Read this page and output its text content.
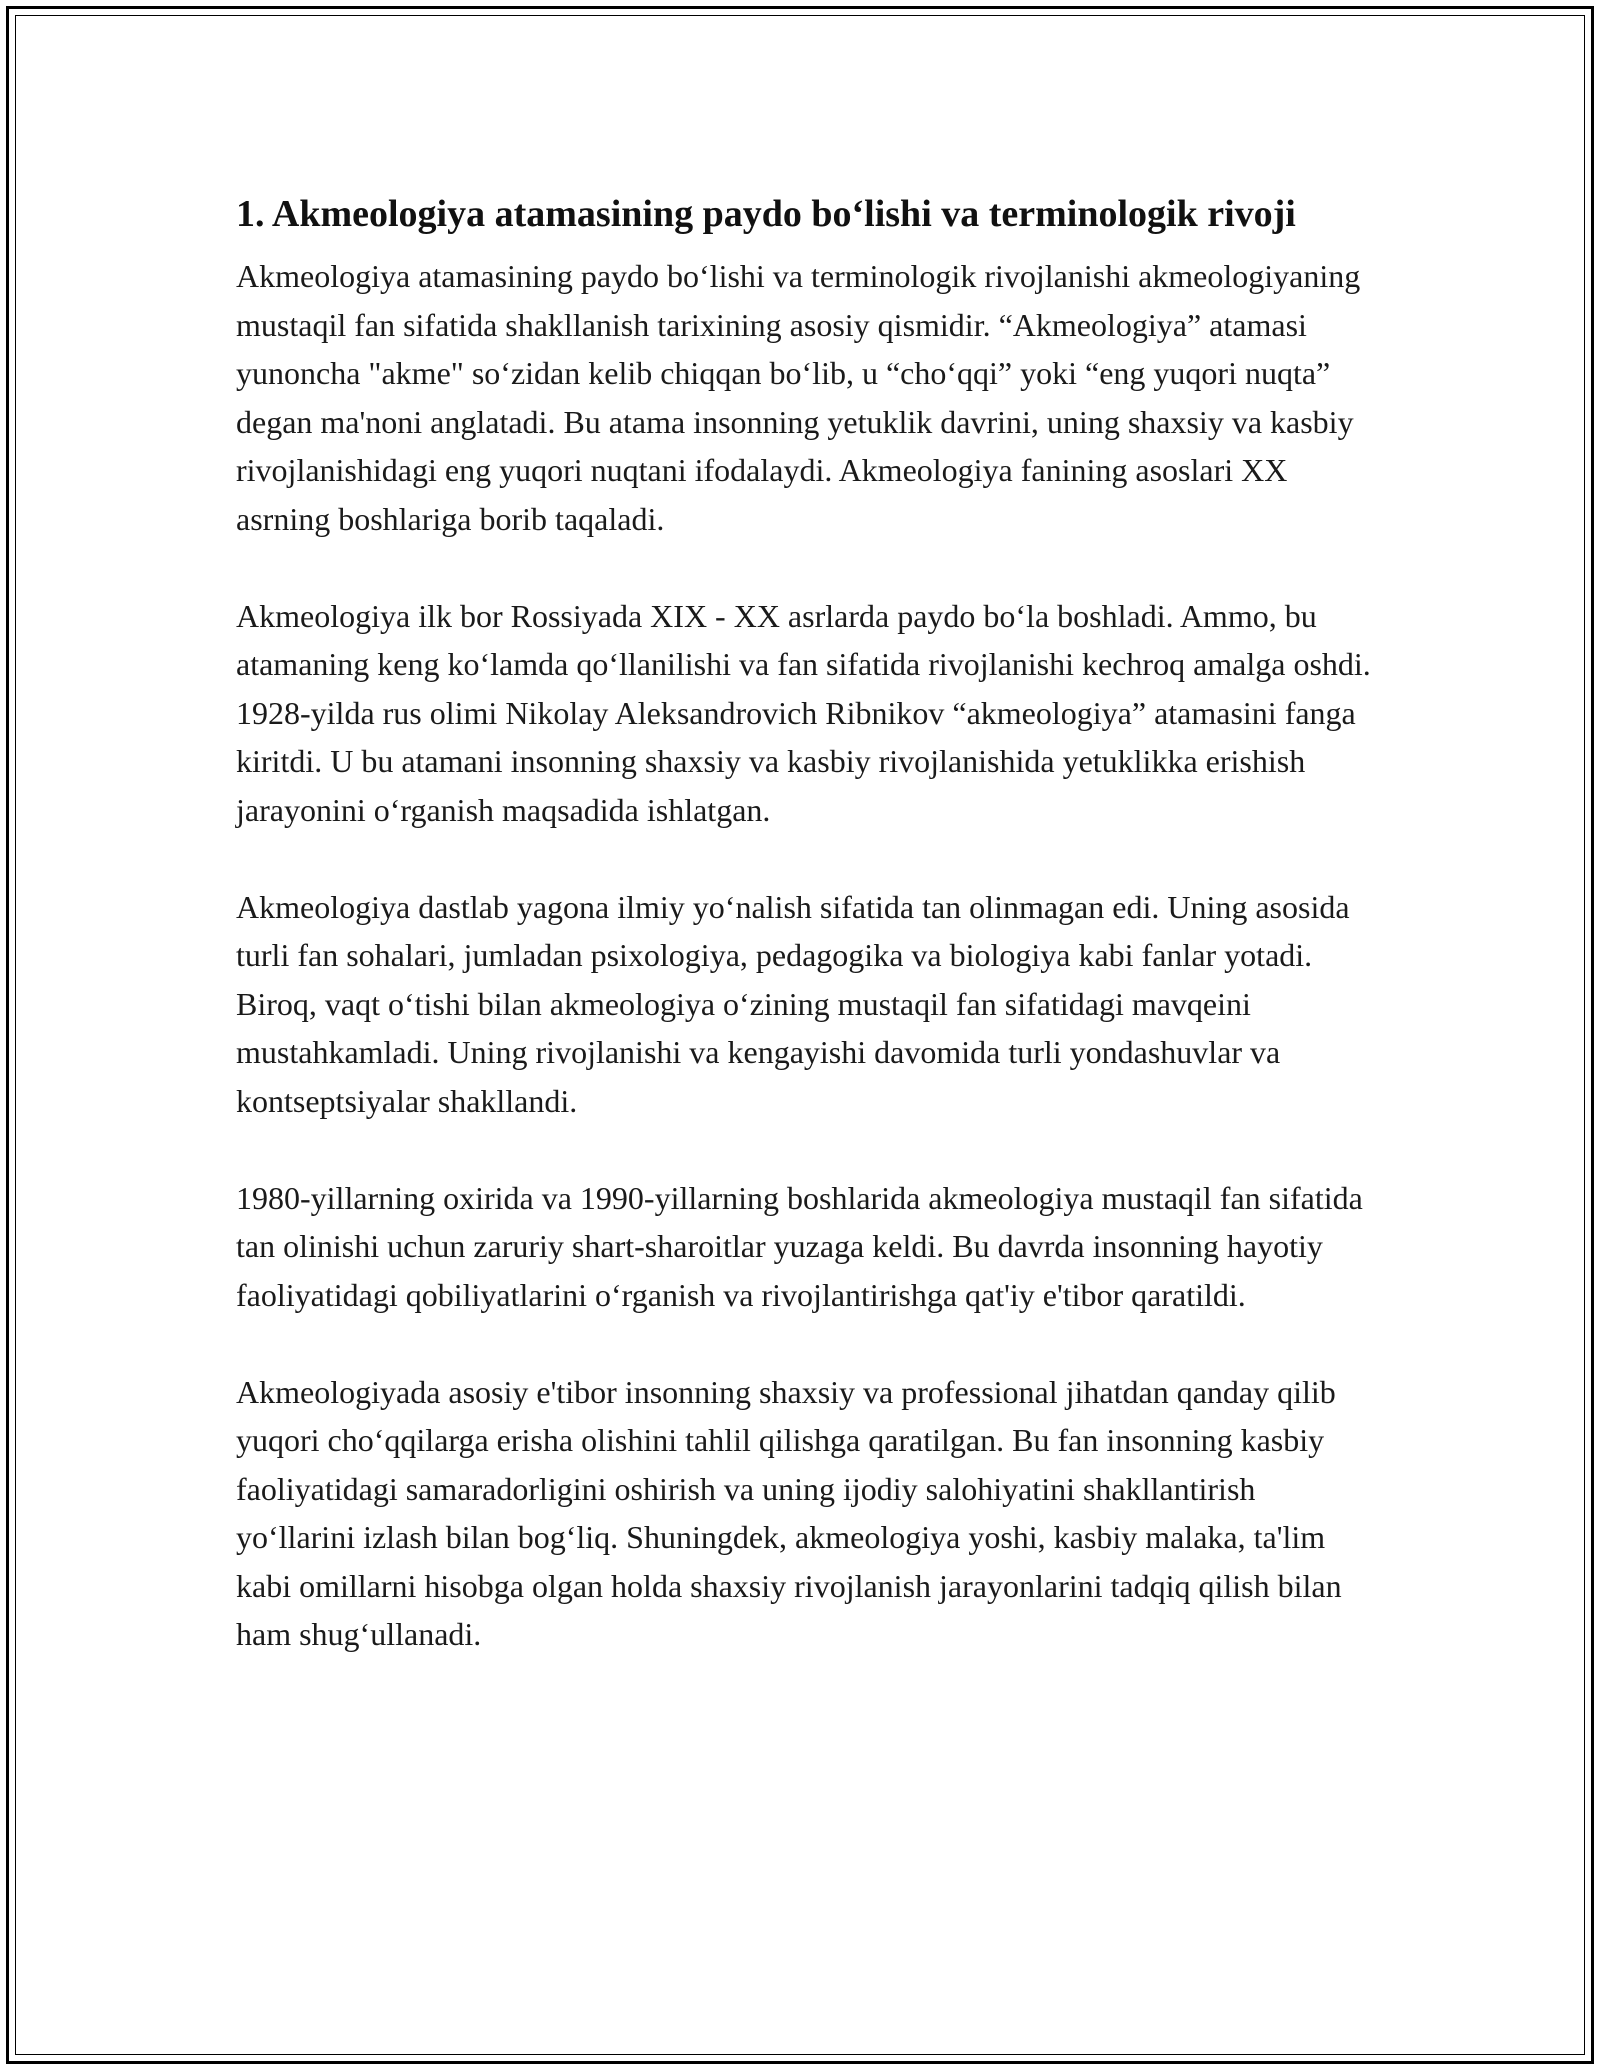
1. Akmeologiya atamasining paydo bo‘lishi va terminologik rivoji

Akmeologiya atamasining paydo bo‘lishi va terminologik rivojlanishi akmeologiyaning mustaqil fan sifatida shakllanish tarixining asosiy qismidir. “Akmeologiya” atamasi yunoncha "akme" so‘zidan kelib chiqqan bo‘lib, u “cho‘qqi” yoki “eng yuqori nuqta” degan ma'noni anglatadi. Bu atama insonning yetuklik davrini, uning shaxsiy va kasbiy rivojlanishidagi eng yuqori nuqtani ifodalaydi. Akmeologiya fanining asoslari XX asrning boshlariga borib taqaladi.

Akmeologiya ilk bor Rossiyada XIX - XX asrlarda paydo bo‘la boshladi. Ammo, bu atamaning keng ko‘lamda qo‘llanilishi va fan sifatida rivojlanishi kechroq amalga oshdi. 1928-yilda rus olimi Nikolay Aleksandrovich Ribnikov “akmeologiya” atamasini fanga kiritdi. U bu atamani insonning shaxsiy va kasbiy rivojlanishida yetuklikka erishish jarayonini o‘rganish maqsadida ishlatgan.

Akmeologiya dastlab yagona ilmiy yo‘nalish sifatida tan olinmagan edi. Uning asosida turli fan sohalari, jumladan psixologiya, pedagogika va biologiya kabi fanlar yotadi. Biroq, vaqt o‘tishi bilan akmeologiya o‘zining mustaqil fan sifatidagi mavqeini mustahkamladi. Uning rivojlanishi va kengayishi davomida turli yondashuvlar va kontseptsiyalar shakllandi.

1980-yillarning oxirida va 1990-yillarning boshlarida akmeologiya mustaqil fan sifatida tan olinishi uchun zaruriy shart-sharoitlar yuzaga keldi. Bu davrda insonning hayotiy faoliyatidagi qobiliyatlarini o‘rganish va rivojlantirishga qat'iy e'tibor qaratildi.

Akmeologiyada asosiy e'tibor insonning shaxsiy va professional jihatdan qanday qilib yuqori cho‘qqilarga erisha olishini tahlil qilishga qaratilgan. Bu fan insonning kasbiy faoliyatidagi samaradorligini oshirish va uning ijodiy salohiyatini shakllantirish yo‘llarini izlash bilan bog‘liq. Shuningdek, akmeologiya yoshi, kasbiy malaka, ta'lim kabi omillarni hisobga olgan holda shaxsiy rivojlanish jarayonlarini tadqiq qilish bilan ham shug‘ullanadi.
